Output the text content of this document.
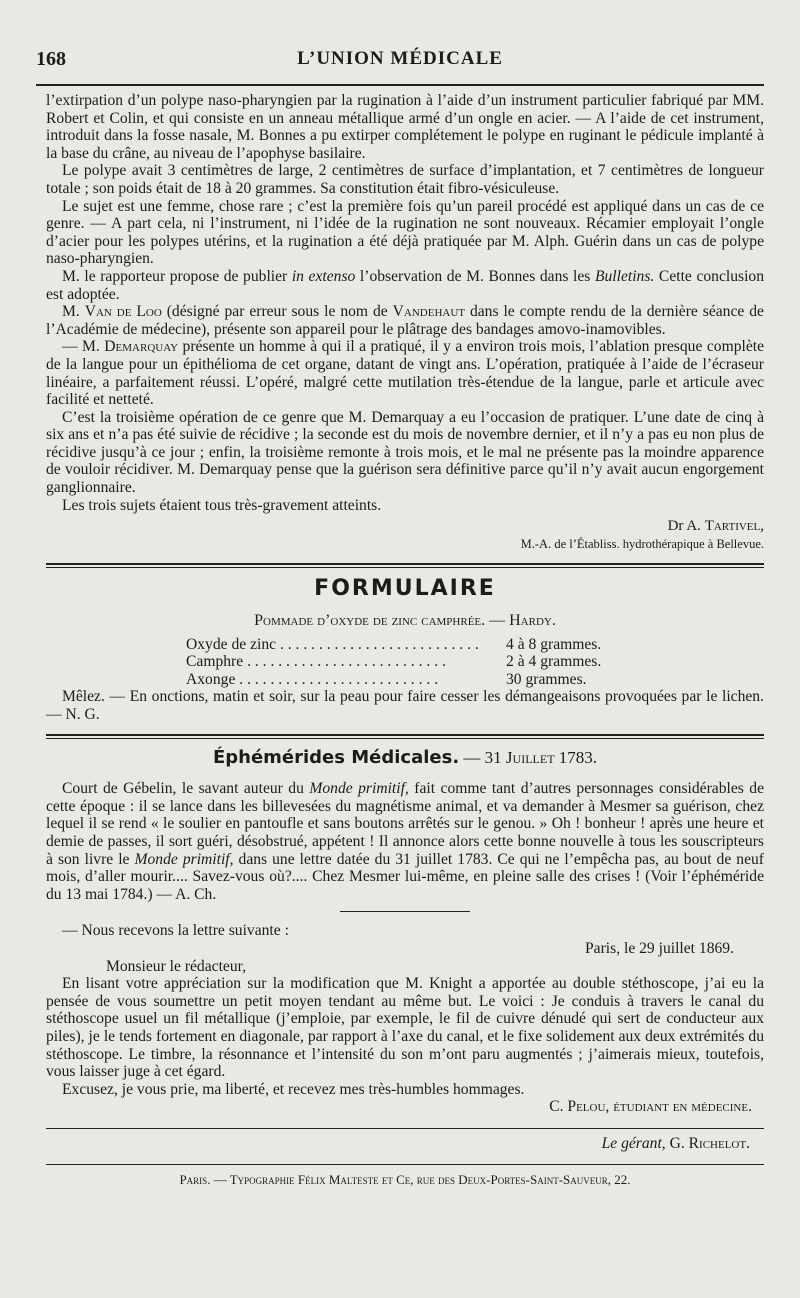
168	L’UNION MÉDICALE

l’extirpation d’un polype naso-pharyngien par la rugination à l’aide d’un instrument particulier fabriqué par MM. Robert et Colin, et qui consiste en un anneau métallique armé d’un ongle en acier. — A l’aide de cet instrument, introduit dans la fosse nasale, M. Bonnes a pu extirper complétement le polype en ruginant le pédicule implanté à la base du crâne, au niveau de l’apophyse basilaire.

Le polype avait 3 centimètres de large, 2 centimètres de surface d’implantation, et 7 centimètres de longueur totale ; son poids était de 18 à 20 grammes. Sa constitution était fibro-vésiculeuse.

Le sujet est une femme, chose rare ; c’est la première fois qu’un pareil procédé est appliqué dans un cas de ce genre. — A part cela, ni l’instrument, ni l’idée de la rugination ne sont nouveaux. Récamier employait l’ongle d’acier pour les polypes utérins, et la rugination a été déjà pratiquée par M. Alph. Guérin dans un cas de polype naso-pharyngien.

M. le rapporteur propose de publier in extenso l’observation de M. Bonnes dans les Bulletins. Cette conclusion est adoptée.

M. Van de Loo (désigné par erreur sous le nom de Vandehaut dans le compte rendu de la dernière séance de l’Académie de médecine), présente son appareil pour le plâtrage des bandages amovo-inamovibles.

— M. Demarquay présente un homme à qui il a pratiqué, il y a environ trois mois, l’ablation presque complète de la langue pour un épithélioma de cet organe, datant de vingt ans. L’opération, pratiquée à l’aide de l’écraseur linéaire, a parfaitement réussi. L’opéré, malgré cette mutilation très-étendue de la langue, parle et articule avec facilité et netteté.

C’est la troisième opération de ce genre que M. Demarquay a eu l’occasion de pratiquer. L’une date de cinq à six ans et n’a pas été suivie de récidive ; la seconde est du mois de novembre dernier, et il n’y a pas eu non plus de récidive jusqu’à ce jour ; enfin, la troisième remonte à trois mois, et le mal ne présente pas la moindre apparence de vouloir récidiver. M. Demarquay pense que la guérison sera définitive parce qu’il n’y avait aucun engorgement ganglionnaire.

Les trois sujets étaient tous très-gravement atteints.

Dr A. Tartivel,
M.-A. de l’Établiss. hydrothérapique à Bellevue.
FORMULAIRE
Pommade d’oxyde de zinc camphrée. — Hardy.
Oxyde de zinc . . .	4 à 8 grammes.
Camphre . . .	2 à 4 grammes.
Axonge . . .	30 grammes.

Mêlez. — En onctions, matin et soir, sur la peau pour faire cesser les démangeaisons provoquées par le lichen. — N. G.

Éphémérides Médicales. — 31 Juillet 1783.

Court de Gébelin, le savant auteur du Monde primitif, fait comme tant d’autres personnages considérables de cette époque : il se lance dans les billevesées du magnétisme animal, et va demander à Mesmer sa guérison, chez lequel il se rend « le soulier en pantoufle et sans boutons arrêtés sur le genou. » Oh ! bonheur ! après une heure et demie de passes, il sort guéri, désobstrué, appétent ! Il annonce alors cette bonne nouvelle à tous les souscripteurs à son livre le Monde primitif, dans une lettre datée du 31 juillet 1783. Ce qui ne l’empêcha pas, au bout de neuf mois, d’aller mourir.... Savez-vous où?.... Chez Mesmer lui-même, en pleine salle des crises ! (Voir l’éphéméride du 13 mai 1784.) — A. Ch.

— Nous recevons la lettre suivante :

Paris, le 29 juillet 1869.

Monsieur le rédacteur,

En lisant votre appréciation sur la modification que M. Knight a apportée au double stéthoscope, j’ai eu la pensée de vous soumettre un petit moyen tendant au même but. Le voici : Je conduis à travers le canal du stéthoscope usuel un fil métallique (j’emploie, par exemple, le fil de cuivre dénudé qui sert de conducteur aux piles), je le tends fortement en diagonale, par rapport à l’axe du canal, et le fixe solidement aux deux extrémités du stéthoscope. Le timbre, la résonnance et l’intensité du son m’ont paru augmentés ; j’aimerais mieux, toutefois, vous laisser juge à cet égard.

Excusez, je vous prie, ma liberté, et recevez mes très-humbles hommages.

C. Pelou, étudiant en médecine.
Le gérant, G. Richelot.
Paris. — Typographie Félix Malteste et Ce, rue des Deux-Portes-Saint-Sauveur, 22.
